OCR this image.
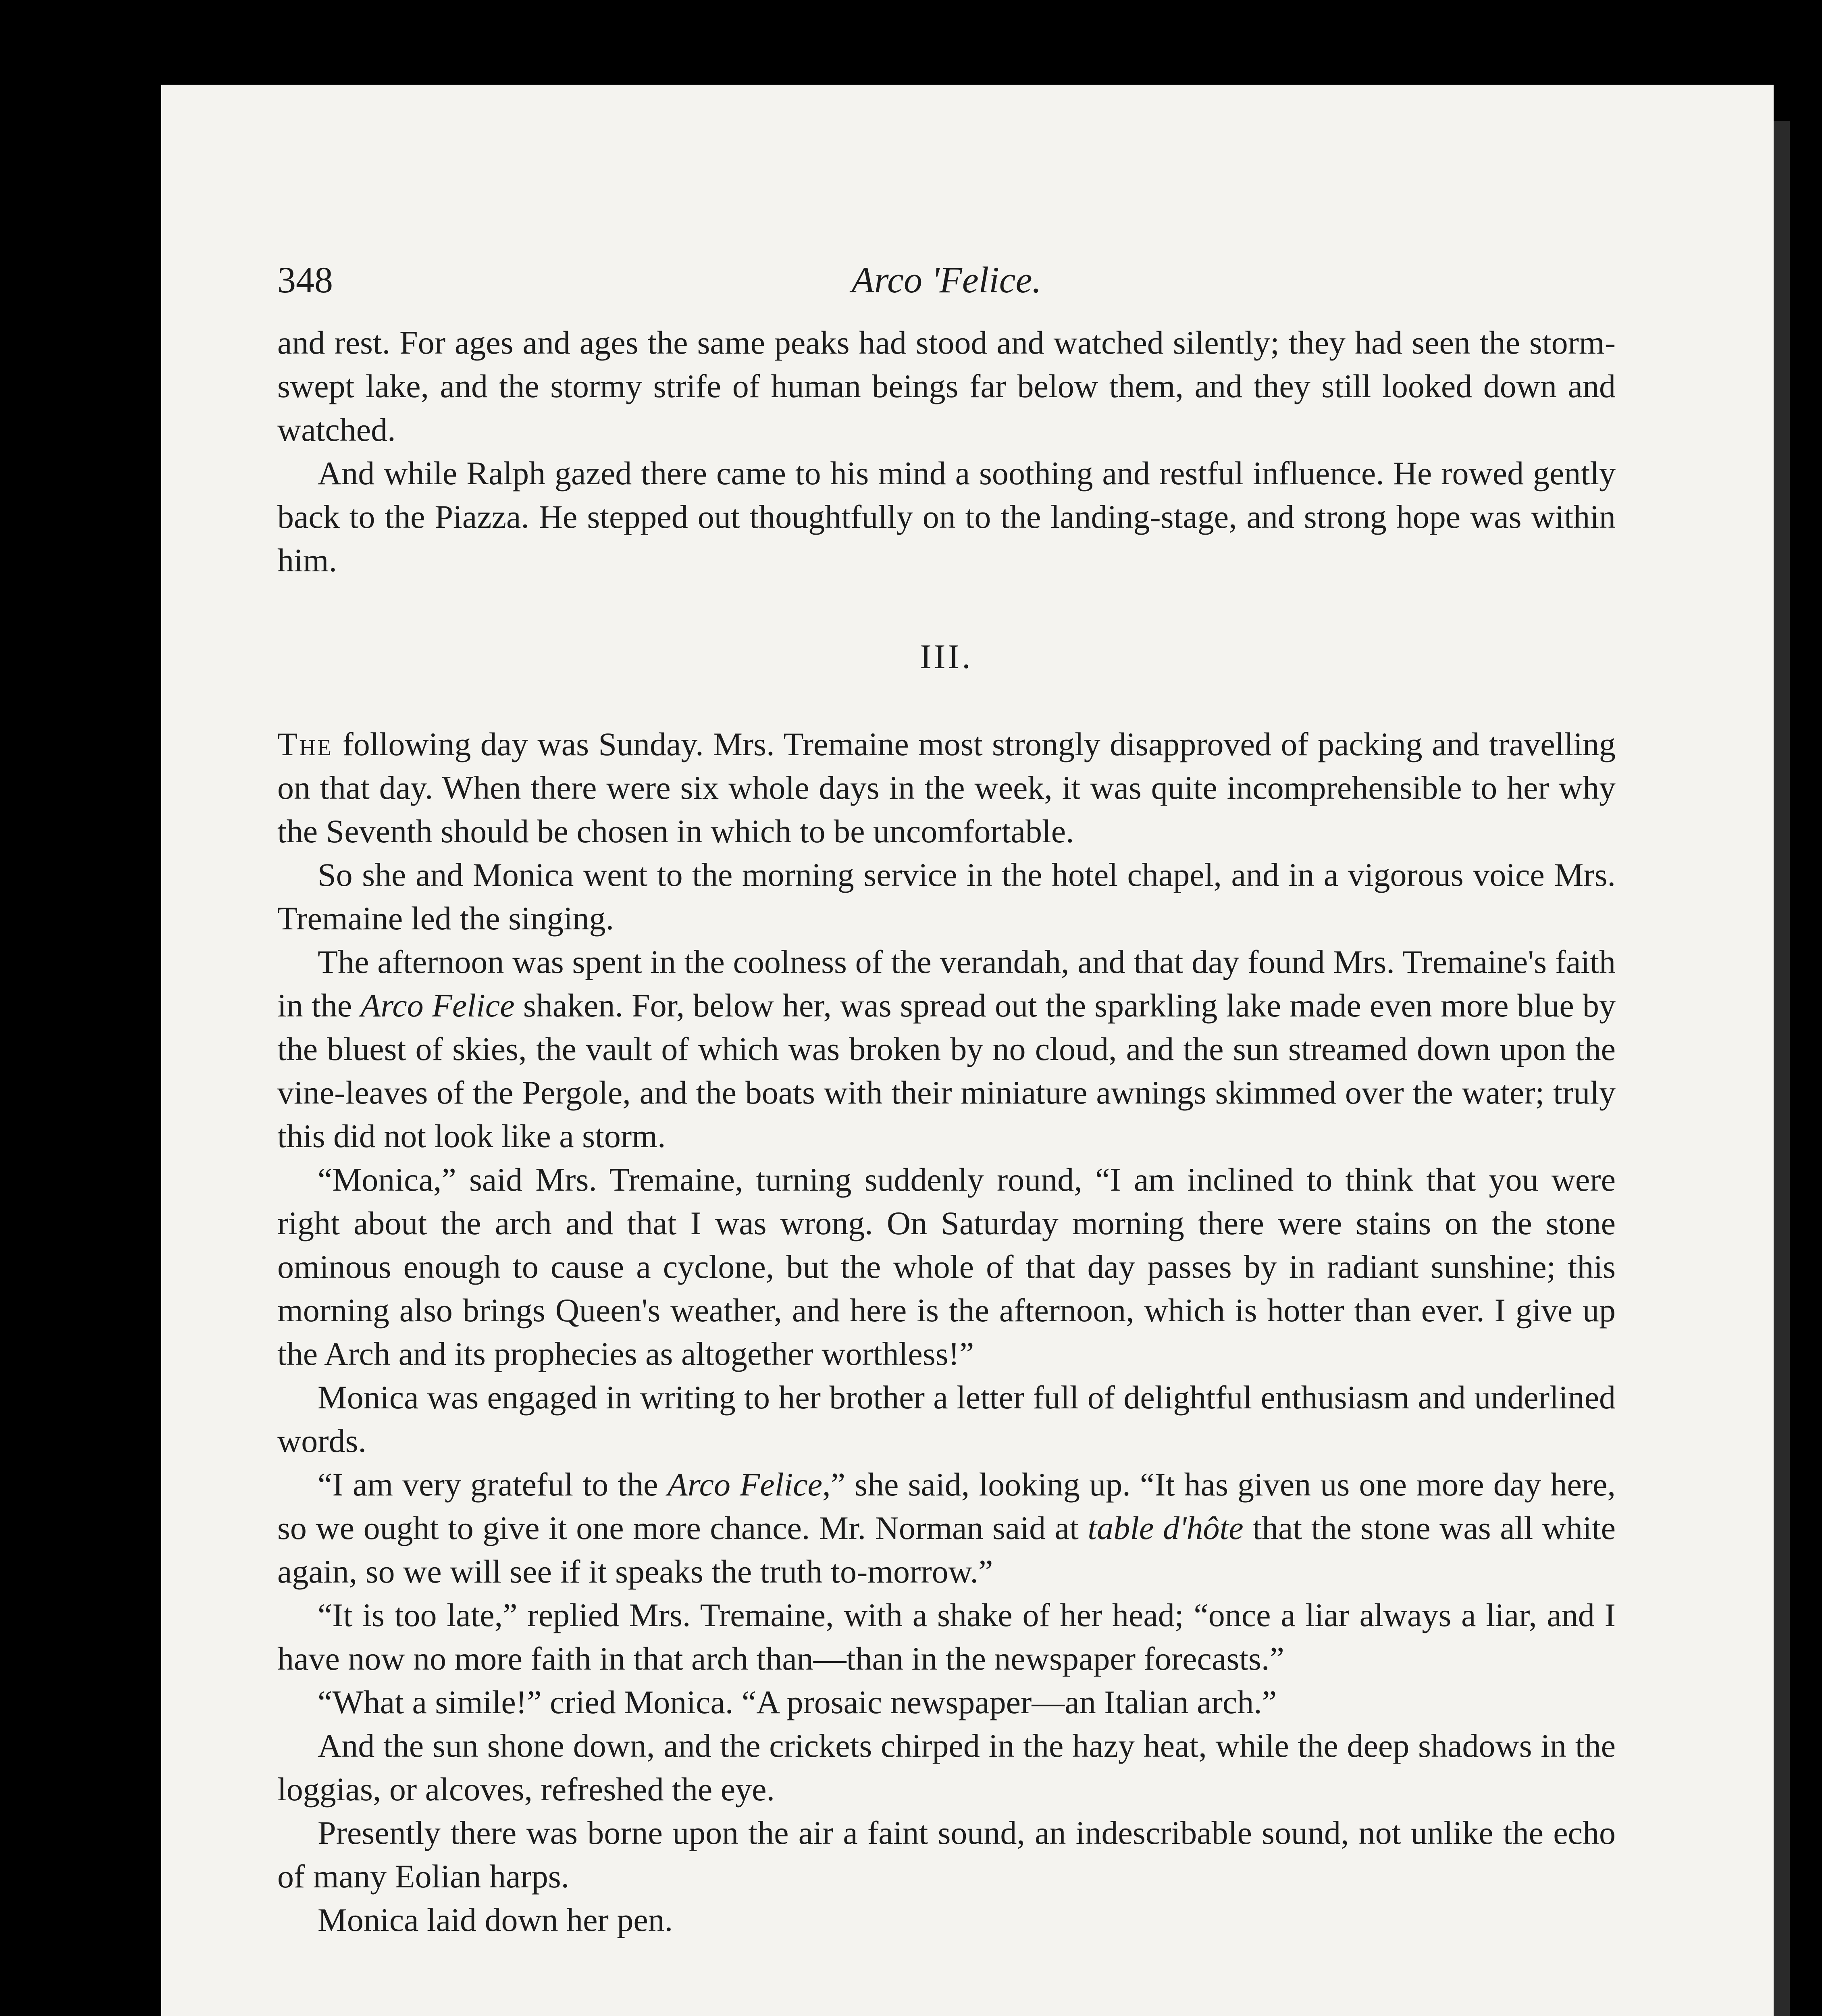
348	Arco 'Felice.

and rest. For ages and ages the same peaks had stood and watched silently; they had seen the storm-swept lake, and the stormy strife of human beings far below them, and they still looked down and watched.

And while Ralph gazed there came to his mind a soothing and restful influence. He rowed gently back to the Piazza. He stepped out thoughtfully on to the landing-stage, and strong hope was within him.

III.

The following day was Sunday. Mrs. Tremaine most strongly disapproved of packing and travelling on that day. When there were six whole days in the week, it was quite incomprehensible to her why the Seventh should be chosen in which to be uncomfortable.

So she and Monica went to the morning service in the hotel chapel, and in a vigorous voice Mrs. Tremaine led the singing.

The afternoon was spent in the coolness of the verandah, and that day found Mrs. Tremaine's faith in the Arco Felice shaken. For, below her, was spread out the sparkling lake made even more blue by the bluest of skies, the vault of which was broken by no cloud, and the sun streamed down upon the vine-leaves of the Pergole, and the boats with their miniature awnings skimmed over the water; truly this did not look like a storm.

“Monica,” said Mrs. Tremaine, turning suddenly round, “I am inclined to think that you were right about the arch and that I was wrong. On Saturday morning there were stains on the stone ominous enough to cause a cyclone, but the whole of that day passes by in radiant sunshine; this morning also brings Queen's weather, and here is the afternoon, which is hotter than ever. I give up the Arch and its prophecies as altogether worthless!”

Monica was engaged in writing to her brother a letter full of delightful enthusiasm and underlined words.

“I am very grateful to the Arco Felice,” she said, looking up. “It has given us one more day here, so we ought to give it one more chance. Mr. Norman said at table d'hôte that the stone was all white again, so we will see if it speaks the truth to-morrow.”

“It is too late,” replied Mrs. Tremaine, with a shake of her head; “once a liar always a liar, and I have now no more faith in that arch than—than in the newspaper forecasts.”

“What a simile!” cried Monica. “A prosaic newspaper—an Italian arch.”

And the sun shone down, and the crickets chirped in the hazy heat, while the deep shadows in the loggias, or alcoves, refreshed the eye.

Presently there was borne upon the air a faint sound, an indescribable sound, not unlike the echo of many Eolian harps.

Monica laid down her pen.
